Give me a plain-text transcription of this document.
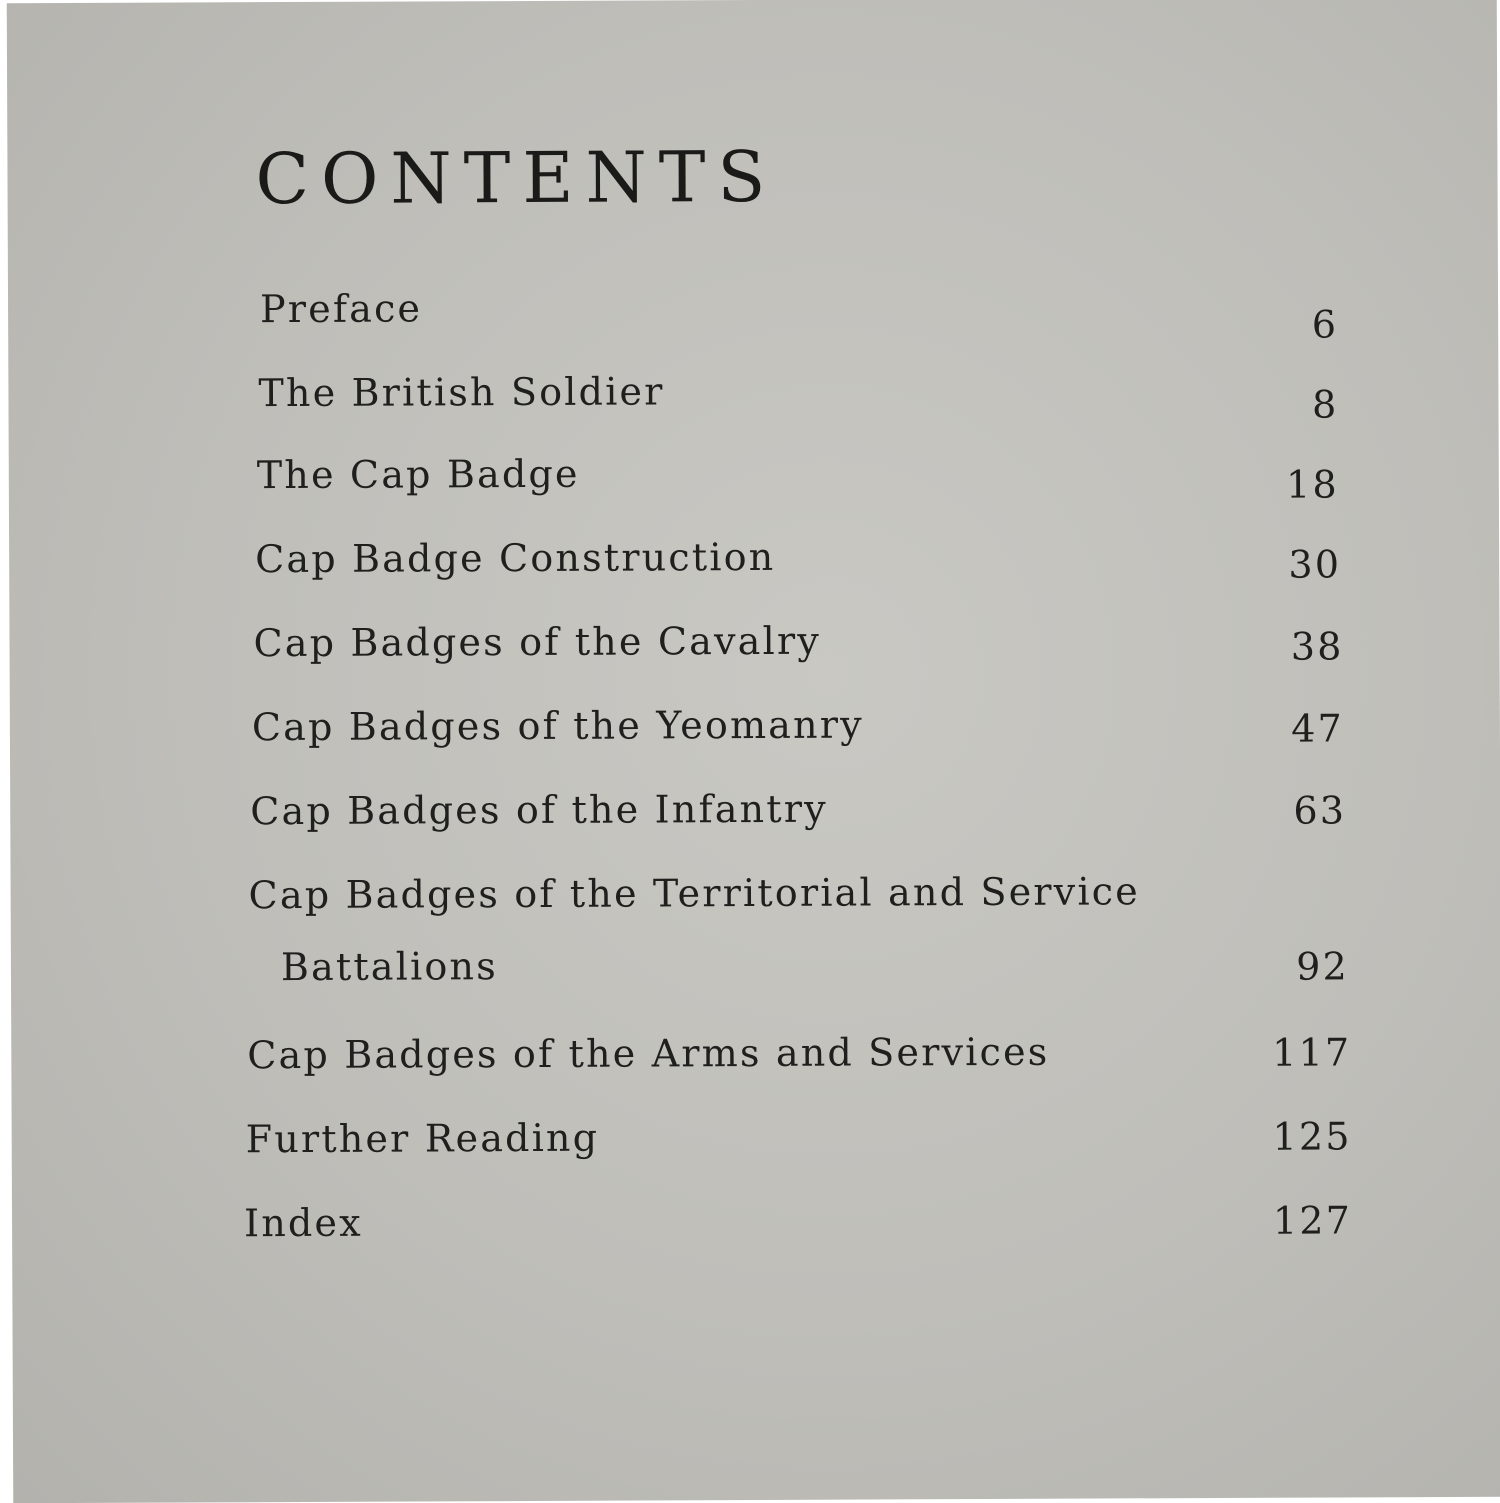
CONTENTS
Preface	6
The British Soldier	8
The Cap Badge	18
Cap Badge Construction	30
Cap Badges of the Cavalry	38
Cap Badges of the Yeomanry	47
Cap Badges of the Infantry	63
Cap Badges of the Territorial and Service
Battalions	92
Cap Badges of the Arms and Services	117
Further Reading	125
Index	127
